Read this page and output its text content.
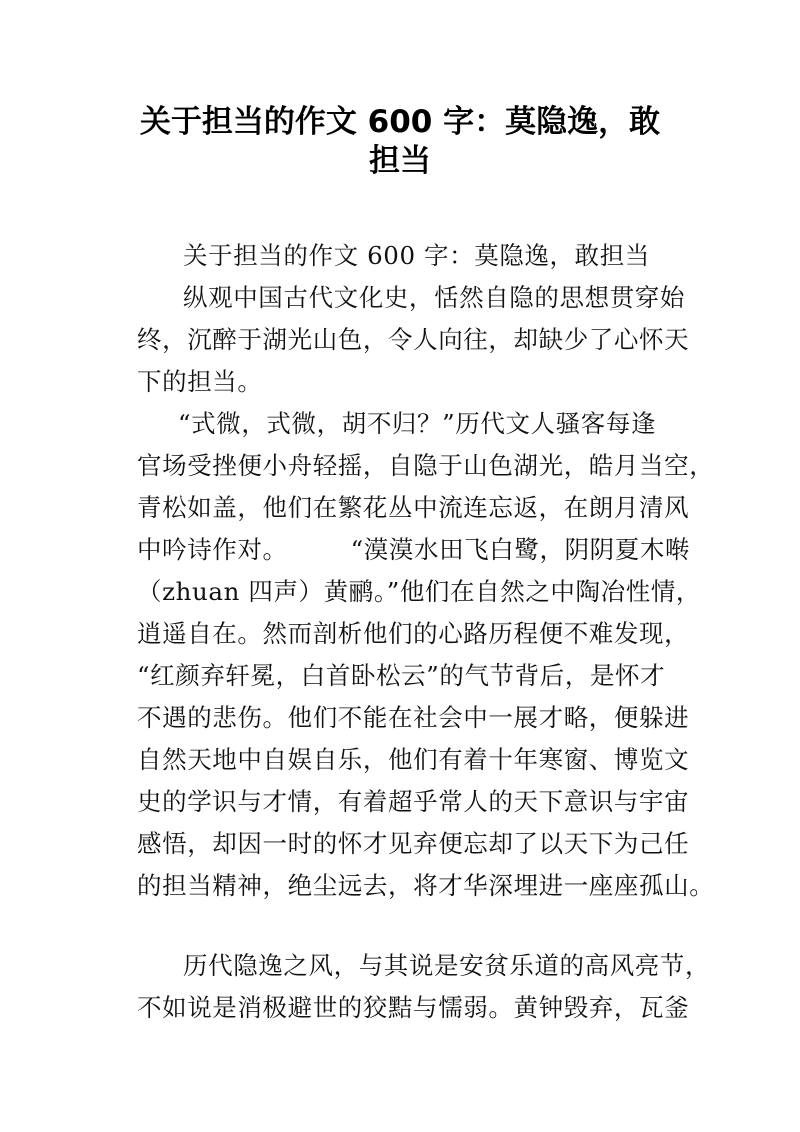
关于担当的作文 600 字：莫隐逸，敢
担当
关于担当的作文 600 字：莫隐逸，敢担当
纵观中国古代文化史，恬然自隐的思想贯穿始
终，沉醉于湖光山色，令人向往，却缺少了心怀天
下的担当。
“式微，式微，胡不归？”历代文人骚客每逢
官场受挫便小舟轻摇，自隐于山色湖光，皓月当空，
青松如盖，他们在繁花丛中流连忘返，在朗月清风
中吟诗作对。　　　“漠漠水田飞白鹭，阴阴夏木啭
（zhuan 四声）黄鹂。”他们在自然之中陶冶性情，
逍遥自在。然而剖析他们的心路历程便不难发现，
“红颜弃轩冕，白首卧松云”的气节背后，是怀才
不遇的悲伤。他们不能在社会中一展才略，便躲进
自然天地中自娱自乐，他们有着十年寒窗、博览文
史的学识与才情，有着超乎常人的天下意识与宇宙
感悟，却因一时的怀才见弃便忘却了以天下为己任
的担当精神，绝尘远去，将才华深埋进一座座孤山。
历代隐逸之风，与其说是安贫乐道的高风亮节，
不如说是消极避世的狡黠与懦弱。黄钟毁弃，瓦釜
